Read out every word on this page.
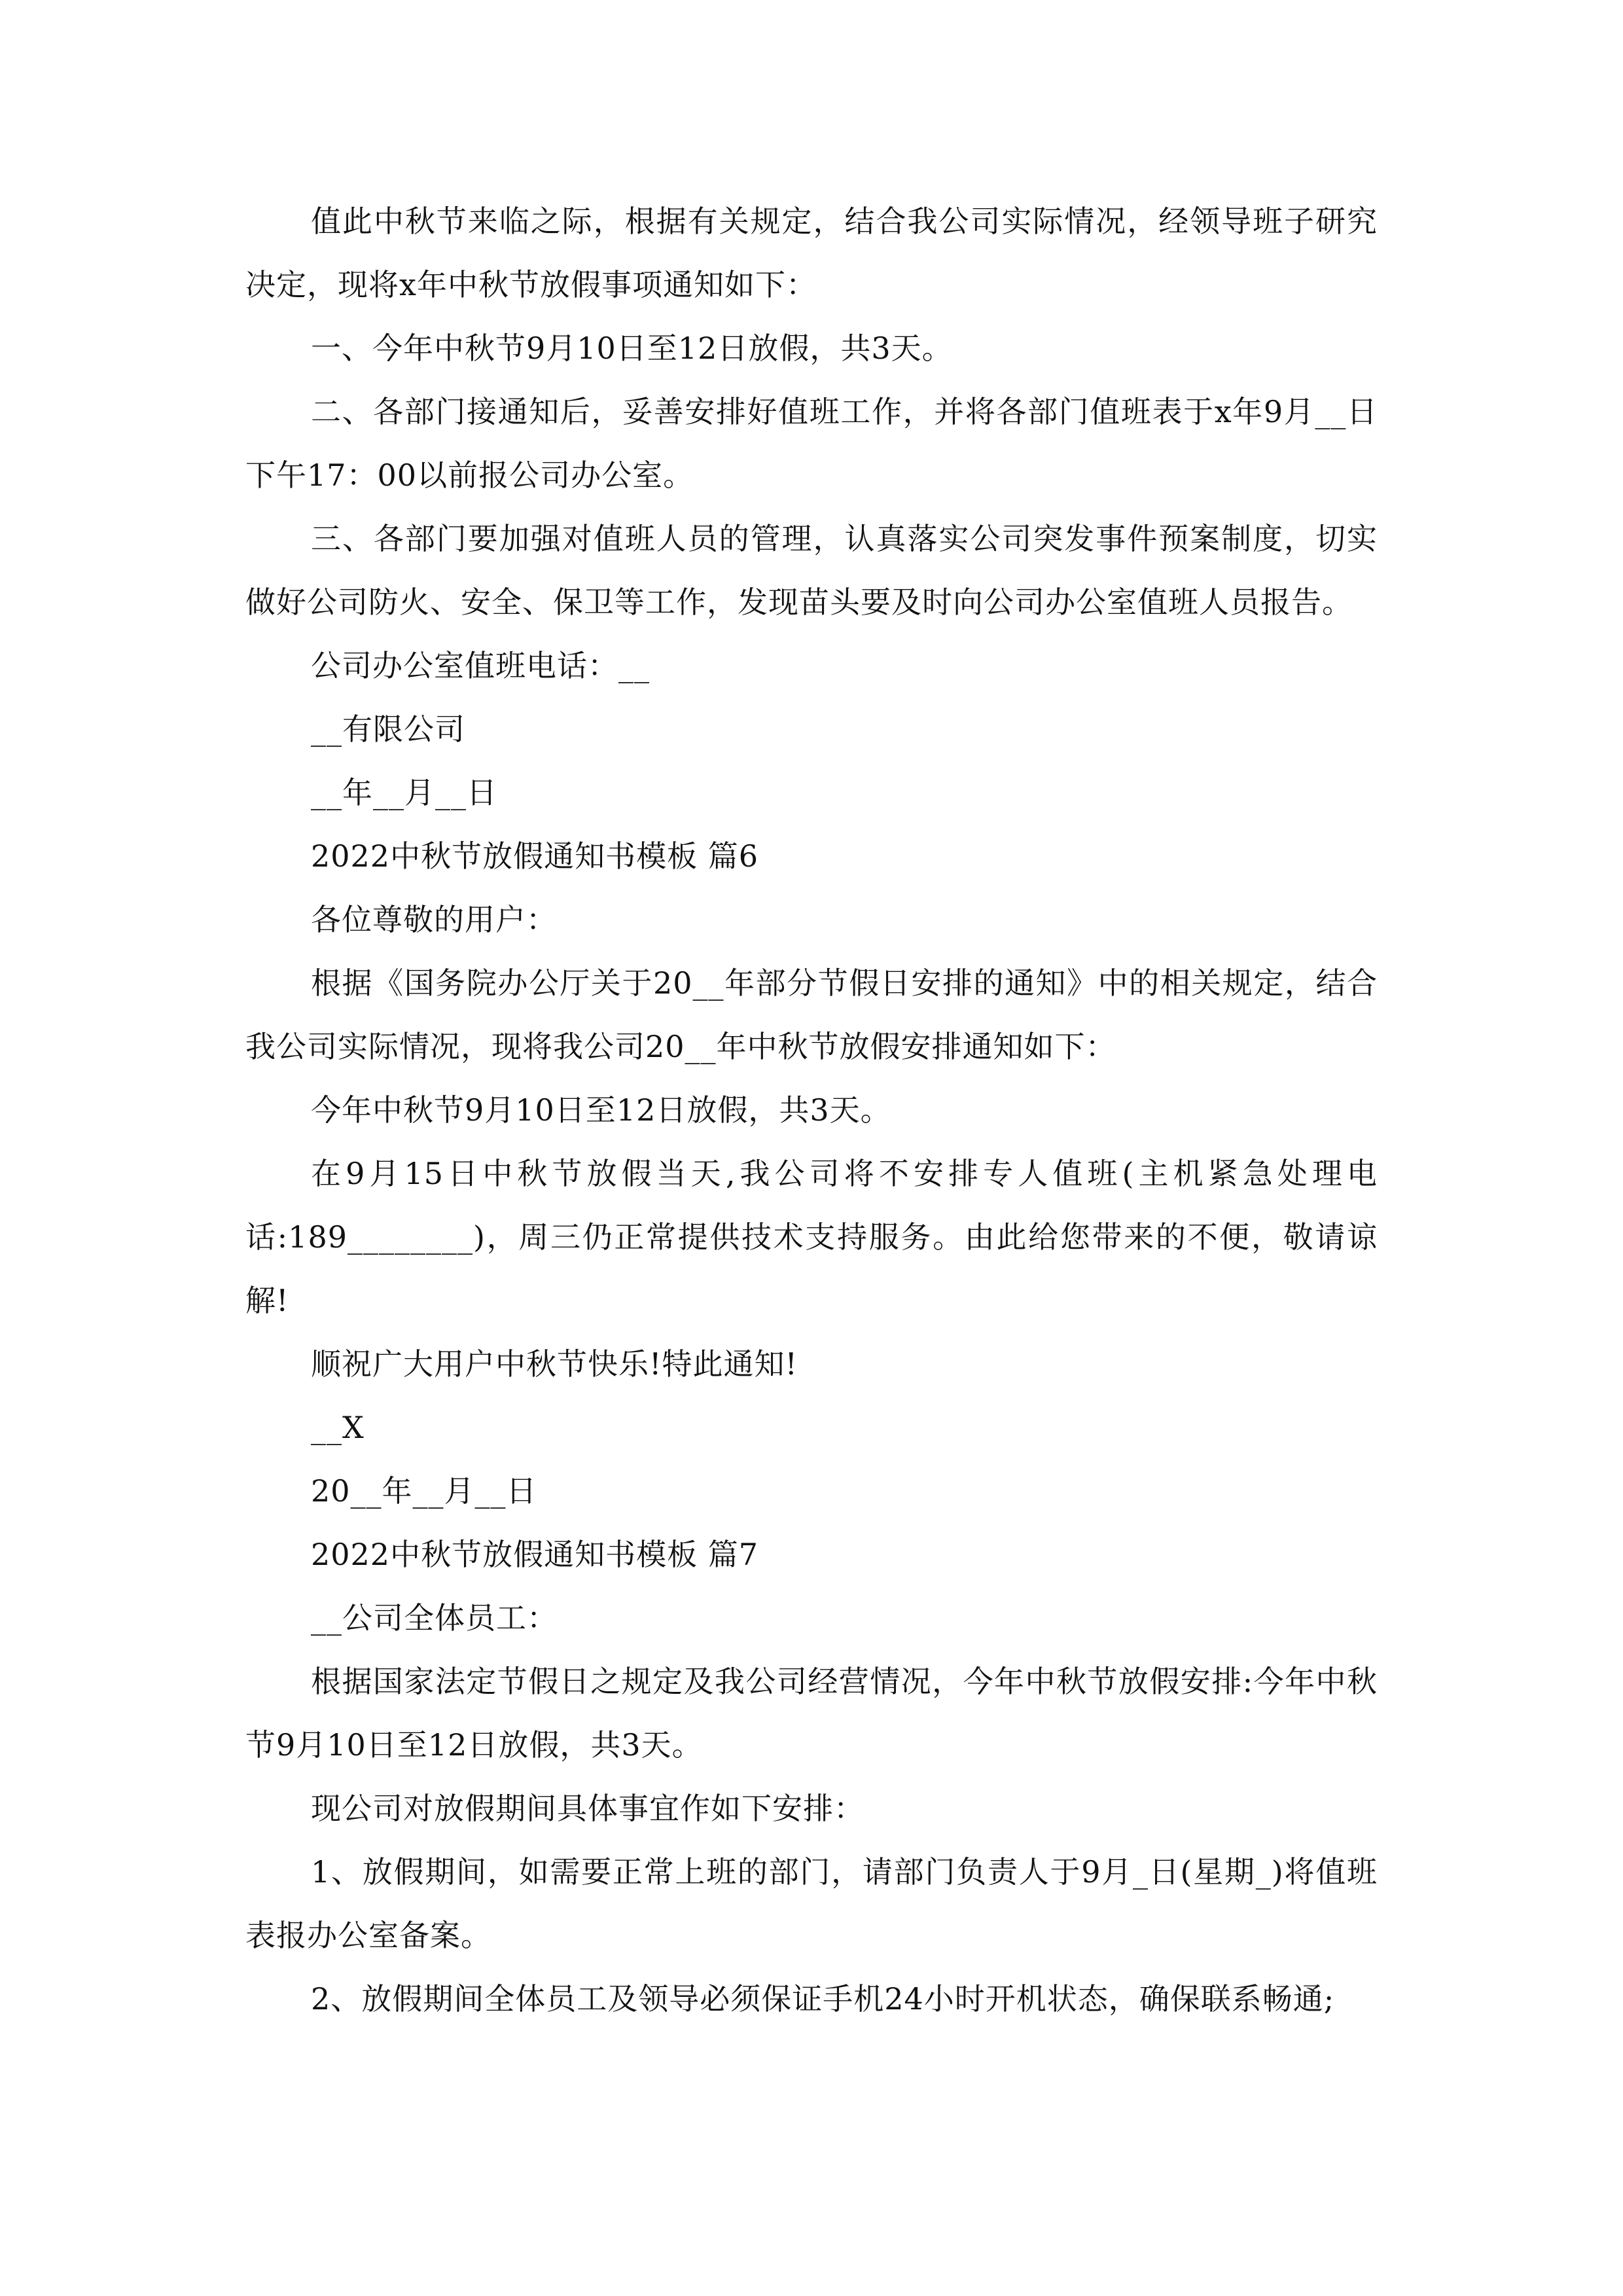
值此中秋节来临之际，根据有关规定，结合我公司实际情况，经领导班子研究决定，现将x年中秋节放假事项通知如下：

一、今年中秋节9月10日至12日放假，共3天。

二、各部门接通知后，妥善安排好值班工作，并将各部门值班表于x年9月__日下午17：00以前报公司办公室。

三、各部门要加强对值班人员的管理，认真落实公司突发事件预案制度，切实做好公司防火、安全、保卫等工作，发现苗头要及时向公司办公室值班人员报告。

公司办公室值班电话：__

__有限公司

__年__月__日

2022中秋节放假通知书模板 篇6

各位尊敬的用户：

根据《国务院办公厅关于20__年部分节假日安排的通知》中的相关规定，结合我公司实际情况，现将我公司20__年中秋节放假安排通知如下：

今年中秋节9月10日至12日放假，共3天。

在9月15日中秋节放假当天,我公司将不安排专人值班(主机紧急处理电话:189________)，周三仍正常提供技术支持服务。由此给您带来的不便，敬请谅解!

顺祝广大用户中秋节快乐!特此通知!

__X

20__年__月__日

2022中秋节放假通知书模板 篇7

__公司全体员工：

根据国家法定节假日之规定及我公司经营情况，今年中秋节放假安排:今年中秋节9月10日至12日放假，共3天。

现公司对放假期间具体事宜作如下安排：

1、放假期间，如需要正常上班的部门，请部门负责人于9月_日(星期_)将值班表报办公室备案。

2、放假期间全体员工及领导必须保证手机24小时开机状态，确保联系畅通;
